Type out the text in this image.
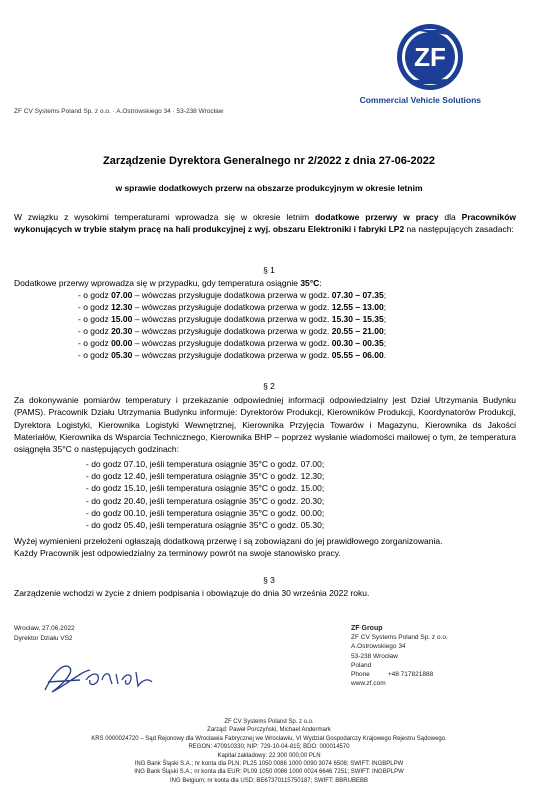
ZF
Commercial Vehicle Solutions
ZF CV Systems Poland Sp. z o.o. · A.Ostrowskiego 34 · 53-238 Wrocław
Zarządzenie Dyrektora Generalnego nr 2/2022 z dnia 27-06-2022
w sprawie dodatkowych przerw na obszarze produkcyjnym w okresie letnim
W związku z wysokimi temperaturami wprowadza się w okresie letnim dodatkowe przerwy w pracy dla Pracowników wykonujących w trybie stałym pracę na hali produkcyjnej z wyj. obszaru Elektroniki i fabryki LP2 na następujących zasadach:
§ 1
Dodatkowe przerwy wprowadza się w przypadku, gdy temperatura osiągnie 35°C:
- o godz 07.00 – wówczas przysługuje dodatkowa przerwa w godz. 07.30 – 07.35;
- o godz 12.30 – wówczas przysługuje dodatkowa przerwa w godz. 12.55 – 13.00;
- o godz 15.00 – wówczas przysługuje dodatkowa przerwa w godz. 15.30 – 15.35;
- o godz 20.30 – wówczas przysługuje dodatkowa przerwa w godz. 20.55 – 21.00;
- o godz 00.00 – wówczas przysługuje dodatkowa przerwa w godz. 00.30 – 00.35;
- o godz 05.30 – wówczas przysługuje dodatkowa przerwa w godz. 05.55 – 06.00.
§ 2
Za dokonywanie pomiarów temperatury i przekazanie odpowiedniej informacji odpowiedzialny jest Dział Utrzymania Budynku (PAMS). Pracownik Działu Utrzymania Budynku informuje: Dyrektorów Produkcji, Kierowników Produkcji, Koordynatorów Produkcji, Dyrektora Logistyki, Kierownika Logistyki Wewnętrznej, Kierownika Przyjęcia Towarów i Magazynu, Kierownika ds Jakości Materiałów, Kierownika ds Wsparcia Technicznego, Kierownika BHP – poprzez wysłanie wiadomości mailowej o tym, że temperatura osiągnęła 35°C o następujących godzinach:
- do godz 07.10, jeśli temperatura osiągnie 35°C o godz. 07.00;
- do godz 12.40, jeśli temperatura osiągnie 35°C o godz. 12.30;
- do godz 15.10, jeśli temperatura osiągnie 35°C o godz. 15.00;
- do godz 20.40, jeśli temperatura osiągnie 35°C o godz. 20.30;
- do godz 00.10, jeśli temperatura osiągnie 35°C o godz. 00.00;
- do godz 05.40, jeśli temperatura osiągnie 35°C o godz. 05.30;
Wyżej wymienieni przełożeni ogłaszają dodatkową przerwę i są zobowiązani do jej prawidłowego zorganizowania.
Każdy Pracownik jest odpowiedzialny za terminowy powrót na swoje stanowisko pracy.
§ 3
Zarządzenie wchodzi w życie z dniem podpisania i obowiązuje do dnia 30 września 2022 roku.
Wrocław, 27.06.2022
Dyrektor Działu VS2
ZF Group
ZF CV Systems Poland Sp. z o.o.
A.Ostrowskiego 34
53-238 Wrocław
Poland
Phone          +48 717821888
www.zf.com
ZF CV Systems Poland Sp. z o.o.
Zarząd: Paweł Porczyński, Michael Andermark
KRS 0000024720 – Sąd Rejonowy dla Wrocławia Fabrycznej we Wrocławiu, VI Wydział Gospodarczy Krajowego Rejestru Sądowego.
REGON: 470910330; NIP: 729-10-04-815; BDO: 000014570
Kapitał zakładowy: 22 300 000,00 PLN
ING Bank Śląski S.A.; nr konta dla PLN: PL25 1050 0086 1000 0090 3074 6508; SWIFT: INGBPLPW
ING Bank Śląski S.A.; nr konta dla EUR: PL09 1050 0086 1000 0024 6646 7251; SWIFT: INGBPLPW
ING Belgium; nr konta dla USD: BE67370115750187; SWIFT: BBRUBEBB
